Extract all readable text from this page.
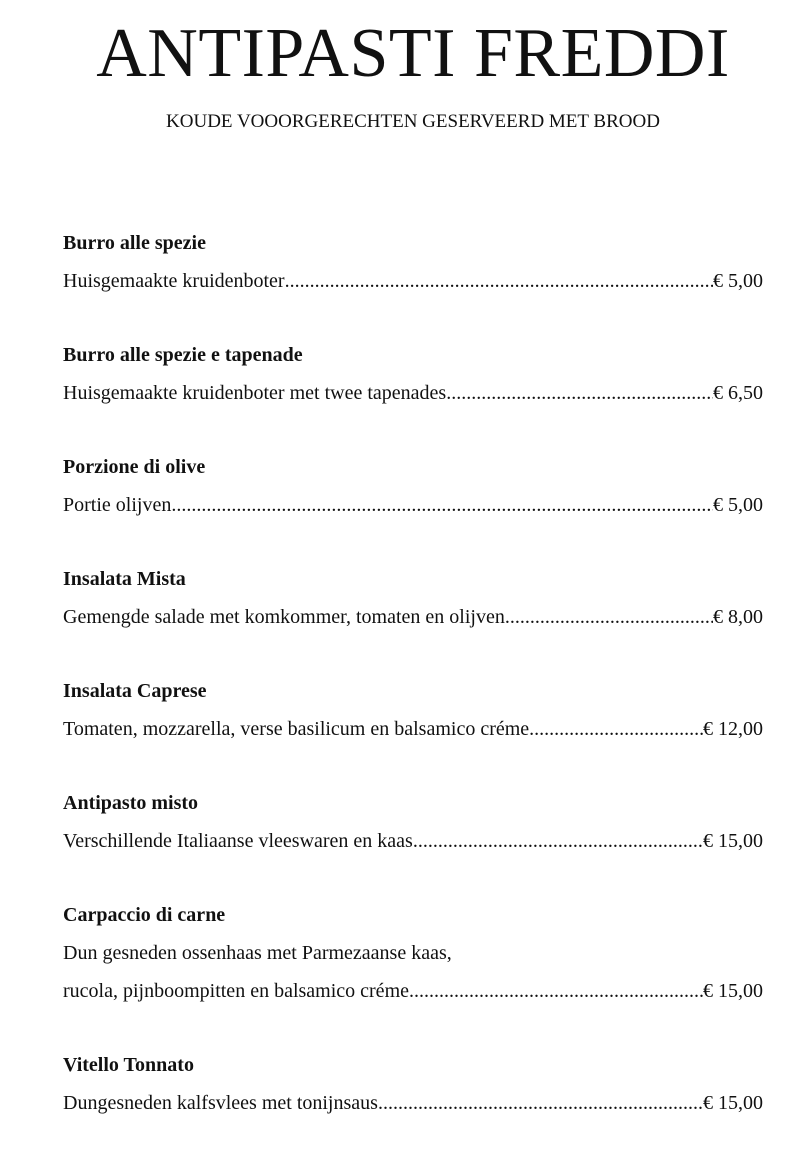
ANTIPASTI FREDDI
KOUDE VOOORGERECHTEN GESERVEERD MET BROOD
Burro alle spezie
Huisgemaakte kruidenboter .....	€ 5,00
Burro alle spezie e tapenade
Huisgemaakte kruidenboter met twee tapenades .....	€ 6,50
Porzione di olive
Portie olijven .....	€ 5,00
Insalata Mista
Gemengde salade met komkommer, tomaten en olijven .....	€ 8,00
Insalata Caprese
Tomaten, mozzarella, verse basilicum en balsamico créme .....	€ 12,00
Antipasto misto
Verschillende Italiaanse vleeswaren en kaas .....	€ 15,00
Carpaccio di carne
Dun gesneden ossenhaas met Parmezaanse kaas,
rucola, pijnboompitten en balsamico créme .....	€ 15,00
Vitello Tonnato
Dungesneden kalfsvlees met tonijnsaus .....	€ 15,00
